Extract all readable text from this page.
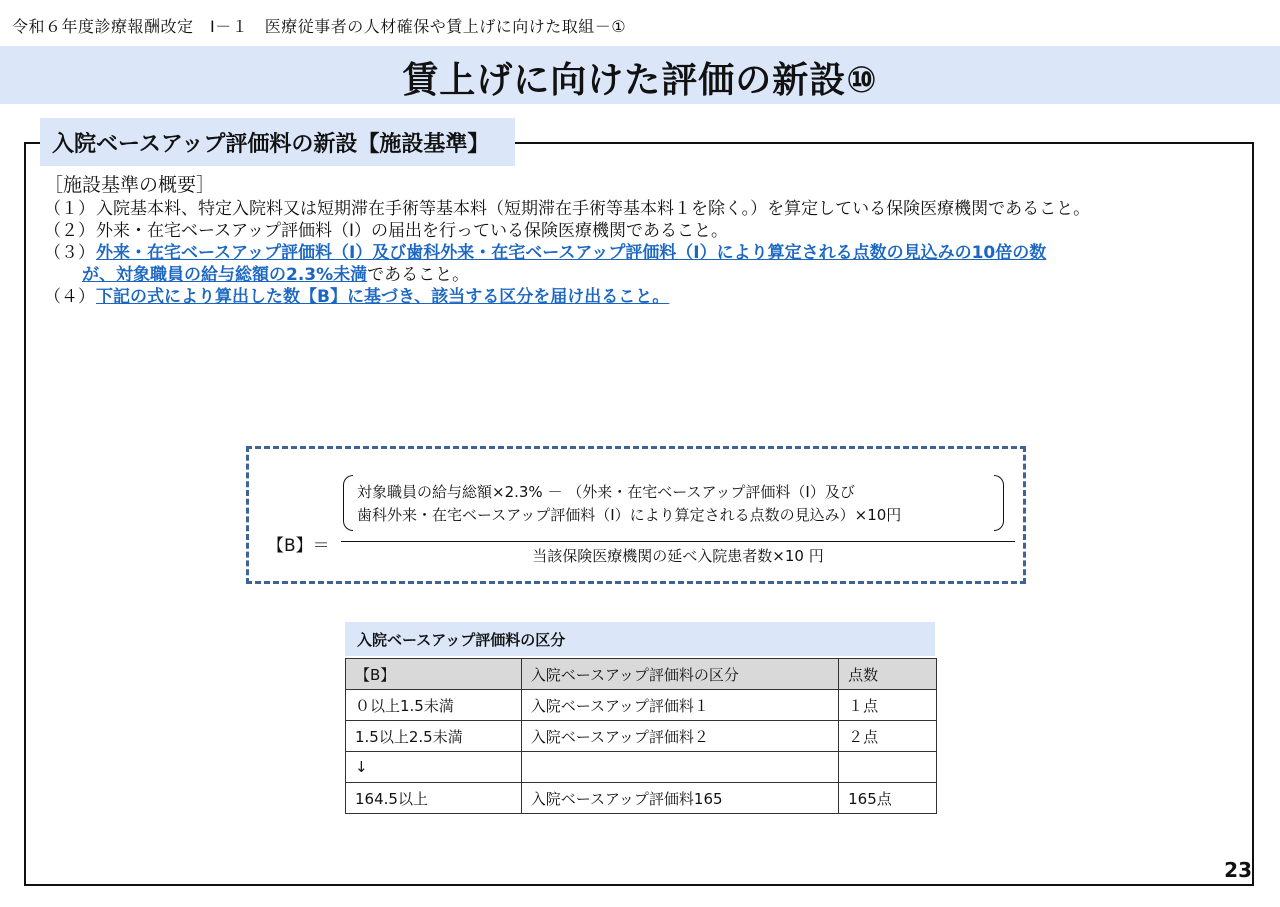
令和６年度診療報酬改定　Ⅰ－１　医療従事者の人材確保や賃上げに向けた取組－①
賃上げに向けた評価の新設⑩
入院ベースアップ評価料の新設【施設基準】
［施設基準の概要］
（１） 入院基本料、特定入院料又は短期滞在手術等基本料（短期滞在手術等基本料１を除く。）を算定している保険医療機関であること。
（２） 外来・在宅ベースアップ評価料（Ⅰ）の届出を行っている保険医療機関であること。
（３） 外来・在宅ベースアップ評価料（Ⅰ）及び歯科外来・在宅ベースアップ評価料（Ⅰ）により算定される点数の見込みの10倍の数
が、対象職員の給与総額の2.3%未満 であること。
（４） 下記の式により算出した数【B】に基づき、該当する区分を届け出ること。
【B】＝
対象職員の給与総額×2.3% － （外来・在宅ベースアップ評価料（Ⅰ）及び
歯科外来・在宅ベースアップ評価料（Ⅰ）により算定される点数の見込み）×10円
当該保険医療機関の延べ入院患者数×10 円
入院ベースアップ評価料の区分
【B】	入院ベースアップ評価料の区分	点数
０以上1.5未満	入院ベースアップ評価料１	１点
1.5以上2.5未満	入院ベースアップ評価料２	２点
↓		
164.5以上	入院ベースアップ評価料165	165点
23
